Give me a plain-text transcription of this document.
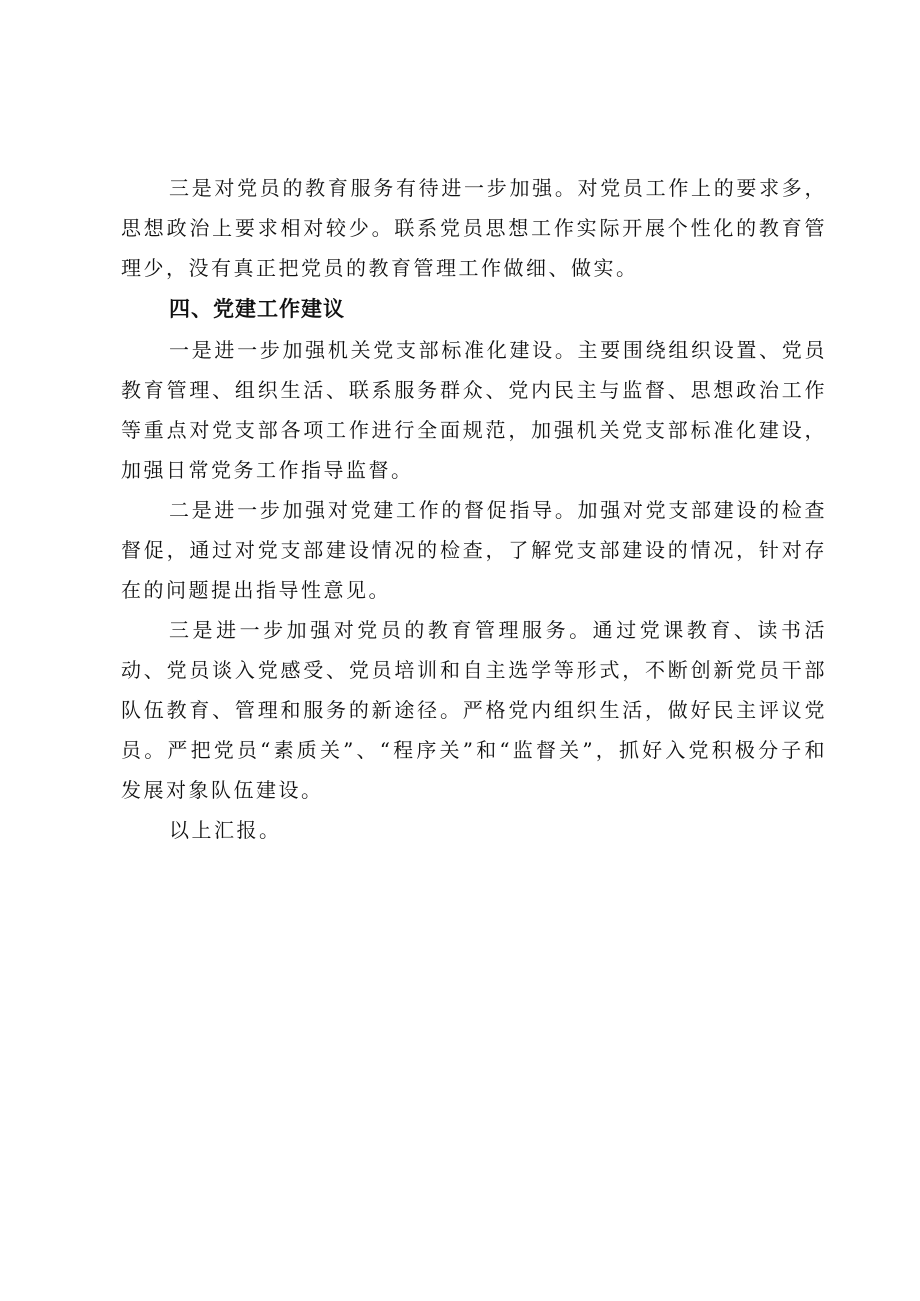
三是对党员的教育服务有待进一步加强。对党员工作上的要求多，思想政治上要求相对较少。联系党员思想工作实际开展个性化的教育管理少，没有真正把党员的教育管理工作做细、做实。

四、党建工作建议

一是进一步加强机关党支部标准化建设。主要围绕组织设置、党员教育管理、组织生活、联系服务群众、党内民主与监督、思想政治工作等重点对党支部各项工作进行全面规范，加强机关党支部标准化建设，加强日常党务工作指导监督。

二是进一步加强对党建工作的督促指导。加强对党支部建设的检查督促，通过对党支部建设情况的检查，了解党支部建设的情况，针对存在的问题提出指导性意见。

三是进一步加强对党员的教育管理服务。通过党课教育、读书活动、党员谈入党感受、党员培训和自主选学等形式，不断创新党员干部队伍教育、管理和服务的新途径。严格党内组织生活，做好民主评议党员。严把党员“素质关”、“程序关”和“监督关”，抓好入党积极分子和发展对象队伍建设。

以上汇报。
